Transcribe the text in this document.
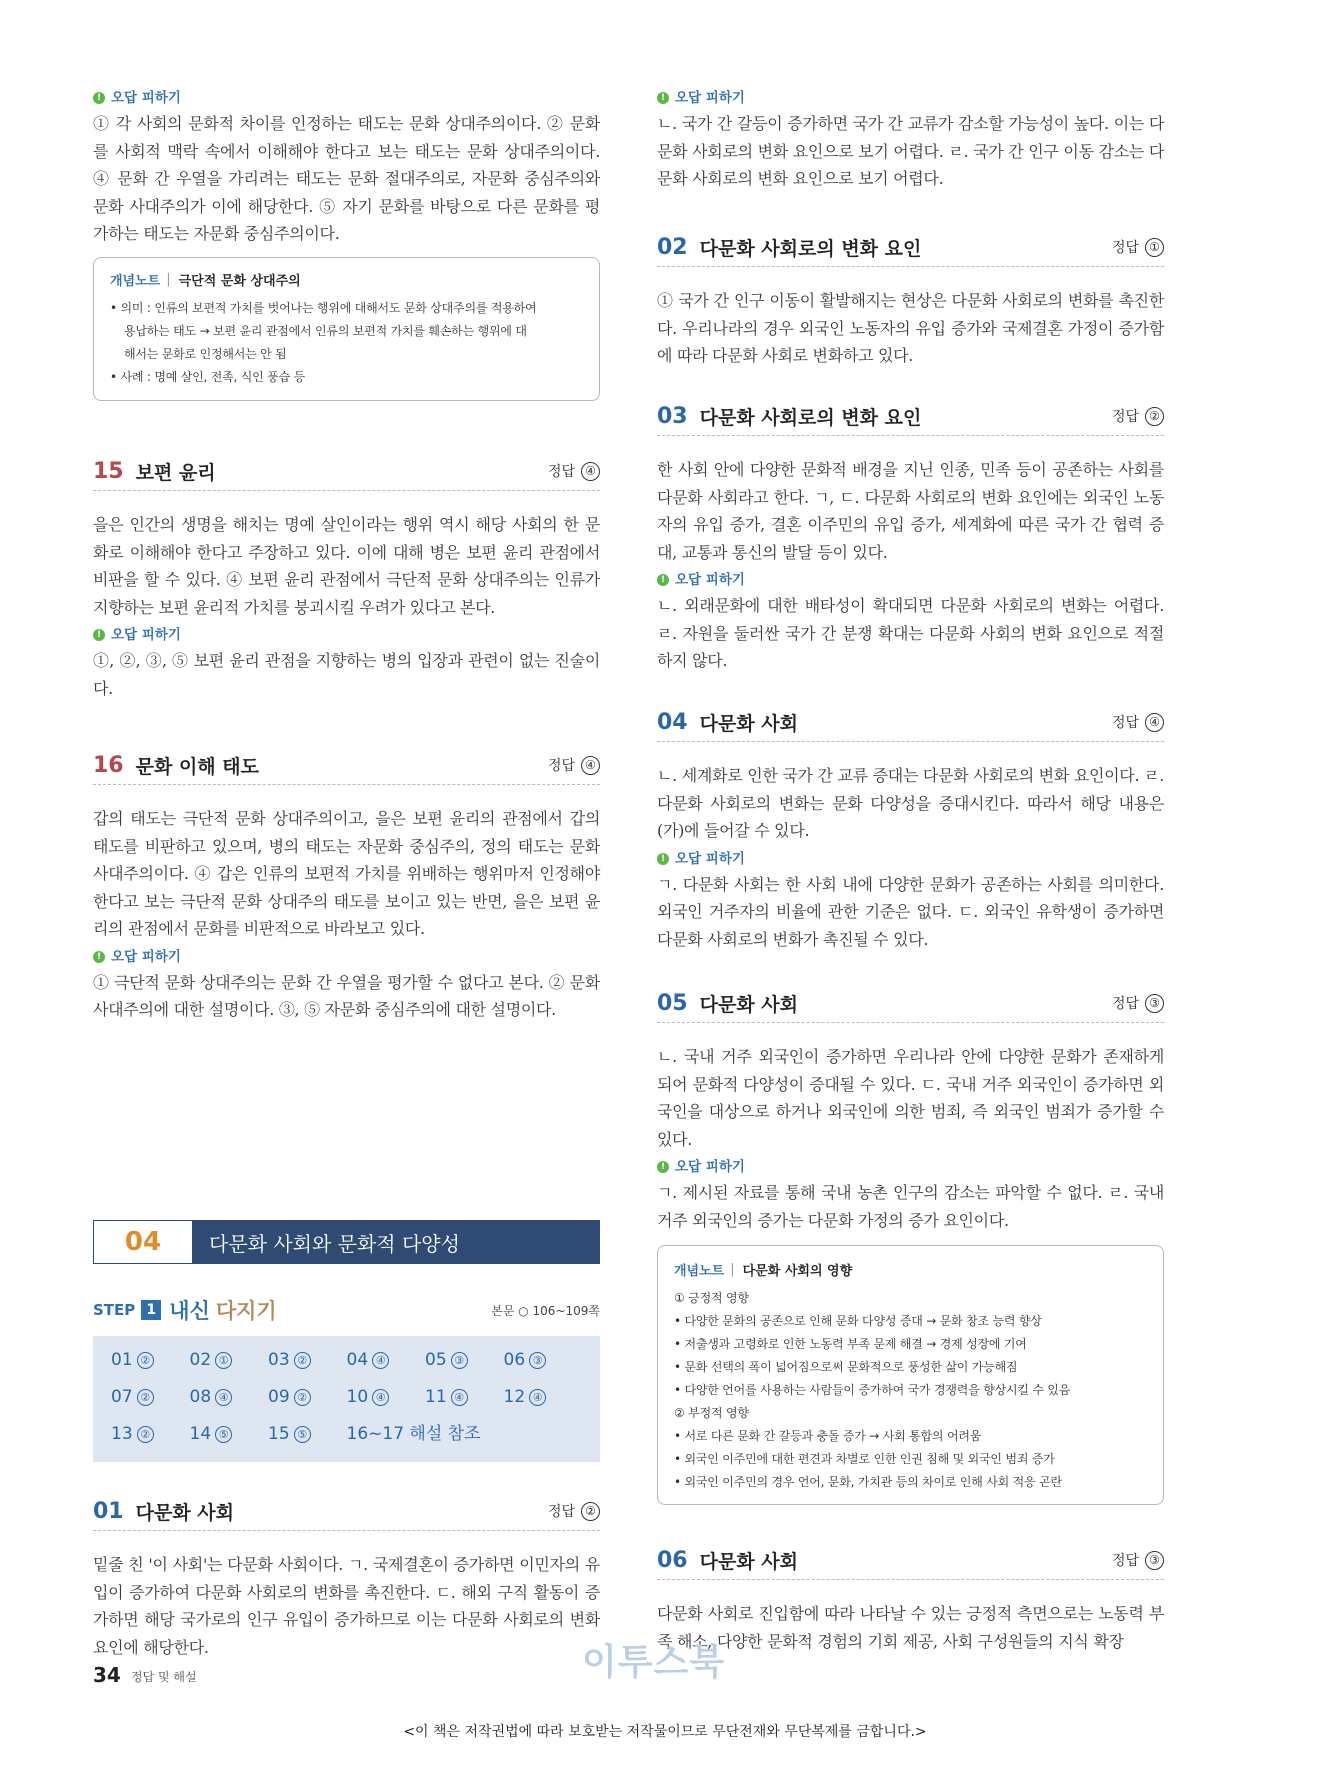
! 오답 피하기

① 각 사회의 문화적 차이를 인정하는 태도는 문화 상대주의이다. ② 문화를 사회적 맥락 속에서 이해해야 한다고 보는 태도는 문화 상대주의이다. ④ 문화 간 우열을 가리려는 태도는 문화 절대주의로, 자문화 중심주의와 문화 사대주의가 이에 해당한다. ⑤ 자기 문화를 바탕으로 다른 문화를 평가하는 태도는 자문화 중심주의이다.

개념노트 | 극단적 문화 상대주의
• 의미 : 인류의 보편적 가치를 벗어나는 행위에 대해서도 문화 상대주의를 적용하여
용납하는 태도 → 보편 윤리 관점에서 인류의 보편적 가치를 훼손하는 행위에 대
해서는 문화로 인정해서는 안 됨
• 사례 : 명예 살인, 전족, 식인 풍습 등
15 보편 윤리	정답 ④

을은 인간의 생명을 해치는 명예 살인이라는 행위 역시 해당 사회의 한 문화로 이해해야 한다고 주장하고 있다. 이에 대해 병은 보편 윤리 관점에서 비판을 할 수 있다. ④ 보편 윤리 관점에서 극단적 문화 상대주의는 인류가 지향하는 보편 윤리적 가치를 붕괴시킬 우려가 있다고 본다.

! 오답 피하기

①, ②, ③, ⑤ 보편 윤리 관점을 지향하는 병의 입장과 관련이 없는 진술이다.

16 문화 이해 태도	정답 ④

갑의 태도는 극단적 문화 상대주의이고, 을은 보편 윤리의 관점에서 갑의 태도를 비판하고 있으며, 병의 태도는 자문화 중심주의, 정의 태도는 문화 사대주의이다. ④ 갑은 인류의 보편적 가치를 위배하는 행위마저 인정해야 한다고 보는 극단적 문화 상대주의 태도를 보이고 있는 반면, 을은 보편 윤리의 관점에서 문화를 비판적으로 바라보고 있다.

! 오답 피하기

① 극단적 문화 상대주의는 문화 간 우열을 평가할 수 없다고 본다. ② 문화 사대주의에 대한 설명이다. ③, ⑤ 자문화 중심주의에 대한 설명이다.

04	다문화 사회와 문화적 다양성
STEP 1 내신 다지기	본문 ○ 106~109쪽
01 ②	02 ①	03 ②	04 ④	05 ③	06 ③
07 ②	08 ④	09 ②	10 ④	11 ④	12 ④
13 ②	14 ⑤	15 ⑤	16~17 해설 참조
01 다문화 사회	정답 ②

밑줄 친 '이 사회'는 다문화 사회이다. ㄱ. 국제결혼이 증가하면 이민자의 유입이 증가하여 다문화 사회로의 변화를 촉진한다. ㄷ. 해외 구직 활동이 증가하면 해당 국가로의 인구 유입이 증가하므로 이는 다문화 사회로의 변화 요인에 해당한다.

! 오답 피하기

ㄴ. 국가 간 갈등이 증가하면 국가 간 교류가 감소할 가능성이 높다. 이는 다문화 사회로의 변화 요인으로 보기 어렵다. ㄹ. 국가 간 인구 이동 감소는 다문화 사회로의 변화 요인으로 보기 어렵다.

02 다문화 사회로의 변화 요인	정답 ①

① 국가 간 인구 이동이 활발해지는 현상은 다문화 사회로의 변화를 촉진한다. 우리나라의 경우 외국인 노동자의 유입 증가와 국제결혼 가정이 증가함에 따라 다문화 사회로 변화하고 있다.

03 다문화 사회로의 변화 요인	정답 ②

한 사회 안에 다양한 문화적 배경을 지닌 인종, 민족 등이 공존하는 사회를 다문화 사회라고 한다. ㄱ, ㄷ. 다문화 사회로의 변화 요인에는 외국인 노동자의 유입 증가, 결혼 이주민의 유입 증가, 세계화에 따른 국가 간 협력 증대, 교통과 통신의 발달 등이 있다.

! 오답 피하기

ㄴ. 외래문화에 대한 배타성이 확대되면 다문화 사회로의 변화는 어렵다. ㄹ. 자원을 둘러싼 국가 간 분쟁 확대는 다문화 사회의 변화 요인으로 적절하지 않다.

04 다문화 사회	정답 ④

ㄴ. 세계화로 인한 국가 간 교류 증대는 다문화 사회로의 변화 요인이다. ㄹ. 다문화 사회로의 변화는 문화 다양성을 증대시킨다. 따라서 해당 내용은 (가)에 들어갈 수 있다.

! 오답 피하기

ㄱ. 다문화 사회는 한 사회 내에 다양한 문화가 공존하는 사회를 의미한다. 외국인 거주자의 비율에 관한 기준은 없다. ㄷ. 외국인 유학생이 증가하면 다문화 사회로의 변화가 촉진될 수 있다.

05 다문화 사회	정답 ③

ㄴ. 국내 거주 외국인이 증가하면 우리나라 안에 다양한 문화가 존재하게 되어 문화적 다양성이 증대될 수 있다. ㄷ. 국내 거주 외국인이 증가하면 외국인을 대상으로 하거나 외국인에 의한 범죄, 즉 외국인 범죄가 증가할 수 있다.

! 오답 피하기

ㄱ. 제시된 자료를 통해 국내 농촌 인구의 감소는 파악할 수 없다. ㄹ. 국내 거주 외국인의 증가는 다문화 가정의 증가 요인이다.

개념노트 | 다문화 사회의 영향
① 긍정적 영향
• 다양한 문화의 공존으로 인해 문화 다양성 증대 → 문화 창조 능력 향상
• 저출생과 고령화로 인한 노동력 부족 문제 해결 → 경제 성장에 기여
• 문화 선택의 폭이 넓어짐으로써 문화적으로 풍성한 삶이 가능해짐
• 다양한 언어를 사용하는 사람들이 증가하여 국가 경쟁력을 향상시킬 수 있음
② 부정적 영향
• 서로 다른 문화 간 갈등과 충돌 증가 → 사회 통합의 어려움
• 외국인 이주민에 대한 편견과 차별로 인한 인권 침해 및 외국인 범죄 증가
• 외국인 이주민의 경우 언어, 문화, 가치관 등의 차이로 인해 사회 적응 곤란
06 다문화 사회	정답 ③

다문화 사회로 진입함에 따라 나타날 수 있는 긍정적 측면으로는 노동력 부족 해소, 다양한 문화적 경험의 기회 제공, 사회 구성원들의 지식 확장

34 정답 및 해설	이투스북
<이 책은 저작권법에 따라 보호받는 저작물이므로 무단전재와 무단복제를 금합니다.>
